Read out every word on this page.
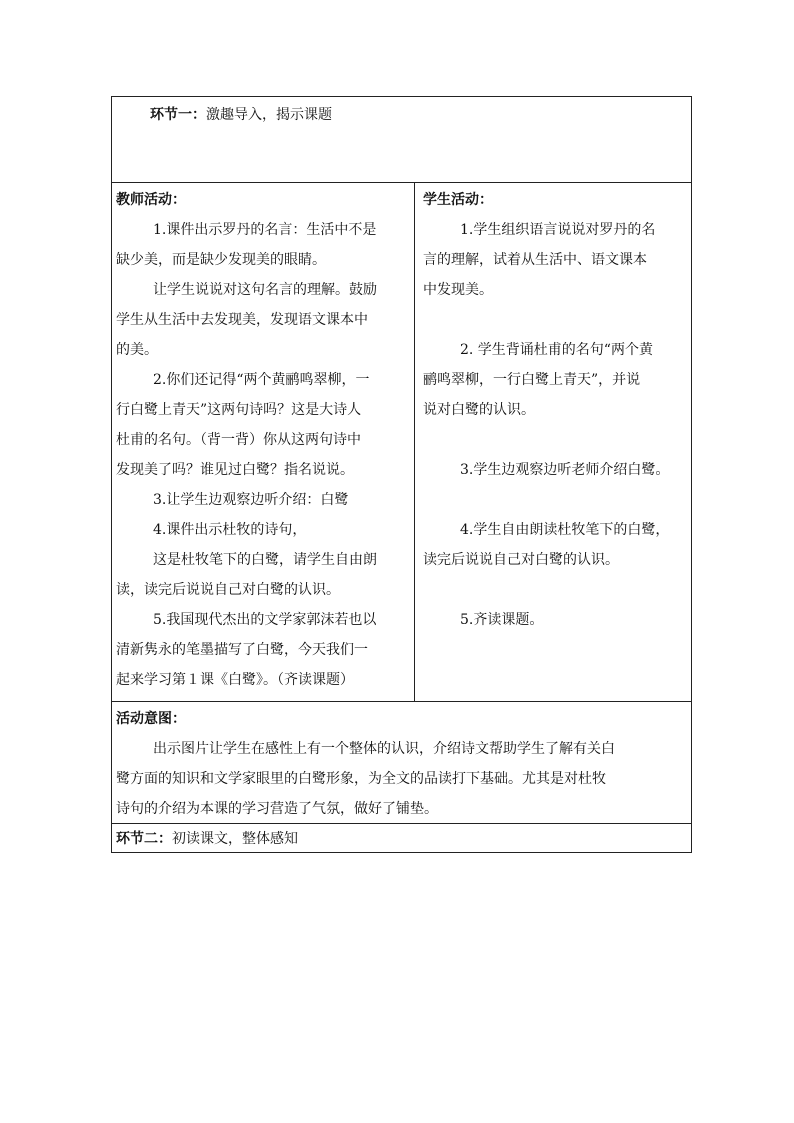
环节一：激趣导入，揭示课题
教师活动：
1.课件出示罗丹的名言：生活中不是
缺少美，而是缺少发现美的眼睛。
让学生说说对这句名言的理解。鼓励
学生从生活中去发现美，发现语文课本中
的美。
2.你们还记得“两个黄鹂鸣翠柳，一
行白鹭上青天”这两句诗吗？这是大诗人
杜甫的名句。（背一背）你从这两句诗中
发现美了吗？谁见过白鹭？指名说说。
3.让学生边观察边听介绍：白鹭
4.课件出示杜牧的诗句，
这是杜牧笔下的白鹭，请学生自由朗
读，读完后说说自己对白鹭的认识。
5.我国现代杰出的文学家郭沫若也以
清新隽永的笔墨描写了白鹭，今天我们一
起来学习第１课《白鹭》。（齐读课题）
学生活动：
1.学生组织语言说说对罗丹的名
言的理解，试着从生活中、语文课本
中发现美。
2. 学生背诵杜甫的名句“两个黄
鹂鸣翠柳，一行白鹭上青天”，并说
说对白鹭的认识。
3.学生边观察边听老师介绍白鹭。
4.学生自由朗读杜牧笔下的白鹭，
读完后说说自己对白鹭的认识。
5.齐读课题。
活动意图：
出示图片让学生在感性上有一个整体的认识，介绍诗文帮助学生了解有关白
鹭方面的知识和文学家眼里的白鹭形象，为全文的品读打下基础。尤其是对杜牧
诗句的介绍为本课的学习营造了气氛，做好了铺垫。
环节二：初读课文，整体感知
